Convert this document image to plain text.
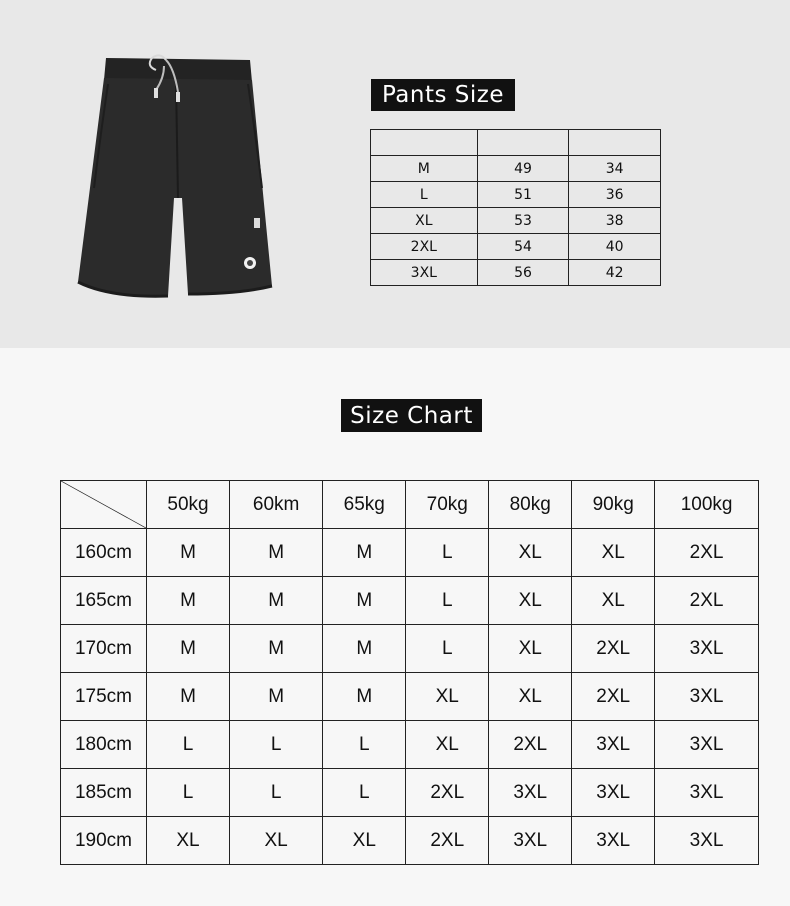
Pants Size

M	49	34
L	51	36
XL	53	38
2XL	54	40
3XL	56	42
Size Chart
	50kg	60km	65kg	70kg	80kg	90kg	100kg
160cm	M	M	M	L	XL	XL	2XL
165cm	M	M	M	L	XL	XL	2XL
170cm	M	M	M	L	XL	2XL	3XL
175cm	M	M	M	XL	XL	2XL	3XL
180cm	L	L	L	XL	2XL	3XL	3XL
185cm	L	L	L	2XL	3XL	3XL	3XL
190cm	XL	XL	XL	2XL	3XL	3XL	3XL
